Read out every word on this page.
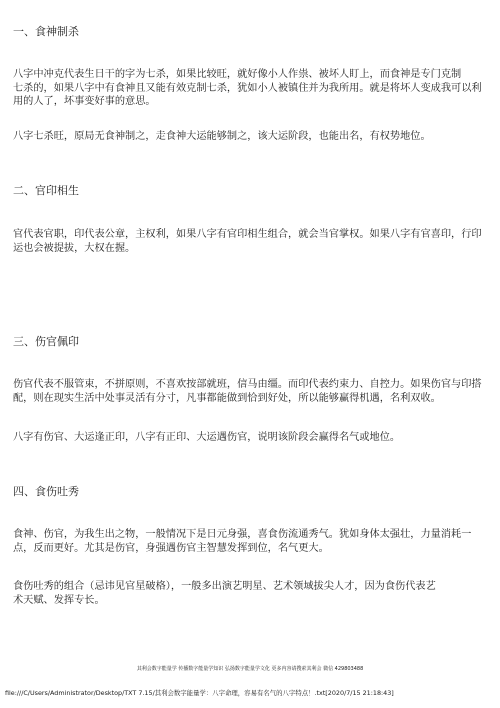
一、食神制杀

八字中冲克代表生日干的字为七杀，如果比较旺，就好像小人作祟、被坏人盯上，而食神是专门克制

七杀的，如果八字中有食神且又能有效克制七杀，犹如小人被镇住并为我所用。就是将坏人变成我可以利

用的人了，坏事变好事的意思。

八字七杀旺，原局无食神制之，走食神大运能够制之，该大运阶段，也能出名，有权势地位。

二、官印相生

官代表官职，印代表公章，主权利，如果八字有官印相生组合，就会当官掌权。如果八字有官喜印，行印

运也会被提拔，大权在握。

三、伤官佩印

伤官代表不服管束，不拼原则，不喜欢按部就班，信马由缰。而印代表约束力、自控力。如果伤官与印搭

配，则在现实生活中处事灵活有分寸，凡事都能做到恰到好处，所以能够赢得机遇，名利双收。

八字有伤官、大运逢正印，八字有正印、大运遇伤官，说明该阶段会赢得名气或地位。

四、食伤吐秀

食神、伤官，为我生出之物，一般情况下是日元身强，喜食伤流通秀气。犹如身体太强壮，力量消耗一

点，反而更好。尤其是伤官，身强遇伤官主智慧发挥到位，名气更大。

食伤吐秀的组合（忌讳见官星破格），一般多出演艺明星、艺术领域拔尖人才，因为食伤代表艺

术天赋、发挥专长。

其利会数字能量学 传播数字能量学知识 弘扬数字能量学文化 更多内容请搜索其利会 微信 429803488
file:///C/Users/Administrator/Desktop/TXT 7.15/其利会数字能量学：八字命理，容易有名气的八字特点！.txt[2020/7/15 21:18:43]
